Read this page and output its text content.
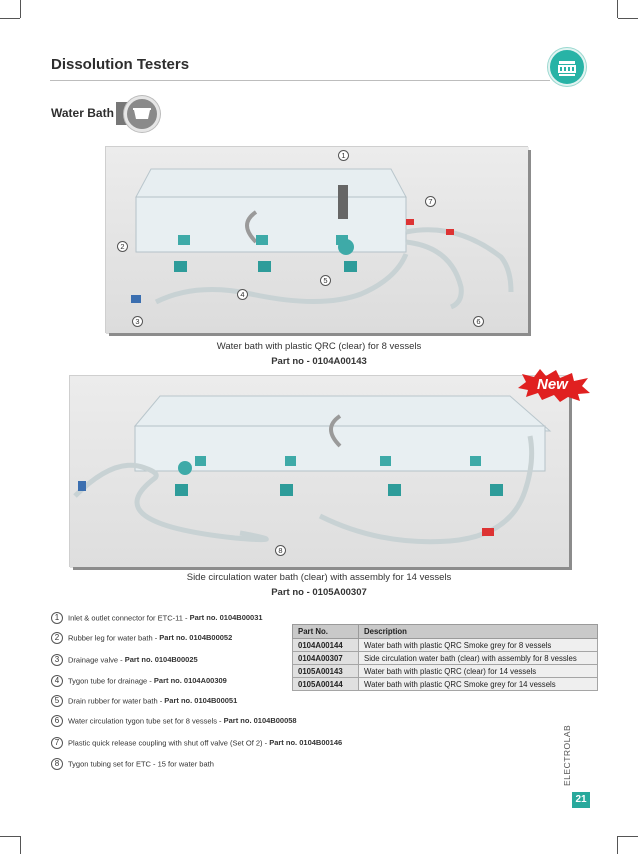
Dissolution Testers
Water Bath
1
2
3
4
5
6
7
Water bath with plastic QRC (clear) for 8 vessels
Part no - 0104A00143
New
8
Side circulation water bath (clear) with assembly for 14 vessels
Part no - 0105A00307
1 Inlet & outlet connector for ETC-11 - Part no. 0104B00031
2 Rubber leg for water bath - Part no. 0104B00052
3 Drainage valve - Part no. 0104B00025
4 Tygon tube for drainage - Part no. 0104A00309
5 Drain rubber for water bath - Part no. 0104B00051
6 Water circulation tygon tube set for 8 vessels - Part no. 0104B00058
7 Plastic quick release coupling with shut off valve (Set Of 2) - Part no. 0104B00146
8 Tygon tubing set for ETC - 15 for water bath
Part No.	Description
0104A00144	Water bath with plastic QRC Smoke grey for 8 vessels
0104A00307	Side circulation water bath (clear) with assembly for 8 vessles
0105A00143	Water bath with plastic QRC (clear) for 14 vessels
0105A00144	Water bath with plastic QRC Smoke grey for 14 vessels
ELECTROLAB
21
